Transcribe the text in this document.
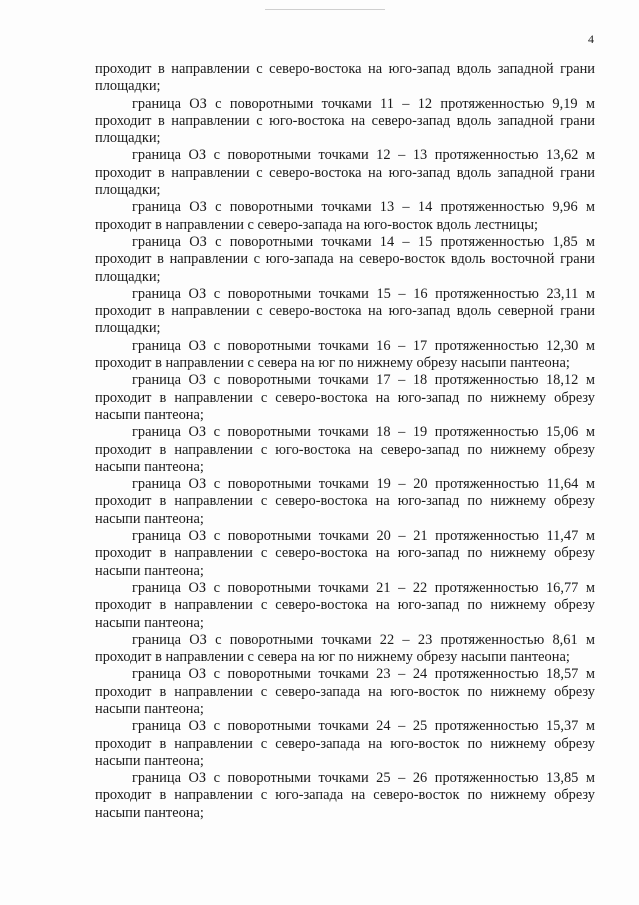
4

проходит в направлении с северо-востока на юго-запад вдоль западной грани площадки;

граница ОЗ с поворотными точками 11 – 12 протяженностью 9,19 м проходит в направлении с юго-востока на северо-запад вдоль западной грани площадки;

граница ОЗ с поворотными точками 12 – 13 протяженностью 13,62 м проходит в направлении с северо-востока на юго-запад вдоль западной грани площадки;

граница ОЗ с поворотными точками 13 – 14 протяженностью 9,96 м проходит в направлении с северо-запада на юго-восток вдоль лестницы;

граница ОЗ с поворотными точками 14 – 15 протяженностью 1,85 м проходит в направлении с юго-запада на северо-восток вдоль восточной грани площадки;

граница ОЗ с поворотными точками 15 – 16 протяженностью 23,11 м проходит в направлении с северо-востока на юго-запад вдоль северной грани площадки;

граница ОЗ с поворотными точками 16 – 17 протяженностью 12,30 м проходит в направлении с севера на юг по нижнему обрезу насыпи пантеона;

граница ОЗ с поворотными точками 17 – 18 протяженностью 18,12 м проходит в направлении с северо-востока на юго-запад по нижнему обрезу насыпи пантеона;

граница ОЗ с поворотными точками 18 – 19 протяженностью 15,06 м проходит в направлении с юго-востока на северо-запад по нижнему обрезу насыпи пантеона;

граница ОЗ с поворотными точками 19 – 20 протяженностью 11,64 м проходит в направлении с северо-востока на юго-запад по нижнему обрезу насыпи пантеона;

граница ОЗ с поворотными точками 20 – 21 протяженностью 11,47 м проходит в направлении с северо-востока на юго-запад по нижнему обрезу насыпи пантеона;

граница ОЗ с поворотными точками 21 – 22 протяженностью 16,77 м проходит в направлении с северо-востока на юго-запад по нижнему обрезу насыпи пантеона;

граница ОЗ с поворотными точками 22 – 23 протяженностью 8,61 м проходит в направлении с севера на юг по нижнему обрезу насыпи пантеона;

граница ОЗ с поворотными точками 23 – 24 протяженностью 18,57 м проходит в направлении с северо-запада на юго-восток по нижнему обрезу насыпи пантеона;

граница ОЗ с поворотными точками 24 – 25 протяженностью 15,37 м проходит в направлении с северо-запада на юго-восток по нижнему обрезу насыпи пантеона;

граница ОЗ с поворотными точками 25 – 26 протяженностью 13,85 м проходит в направлении с юго-запада на северо-восток по нижнему обрезу насыпи пантеона;
